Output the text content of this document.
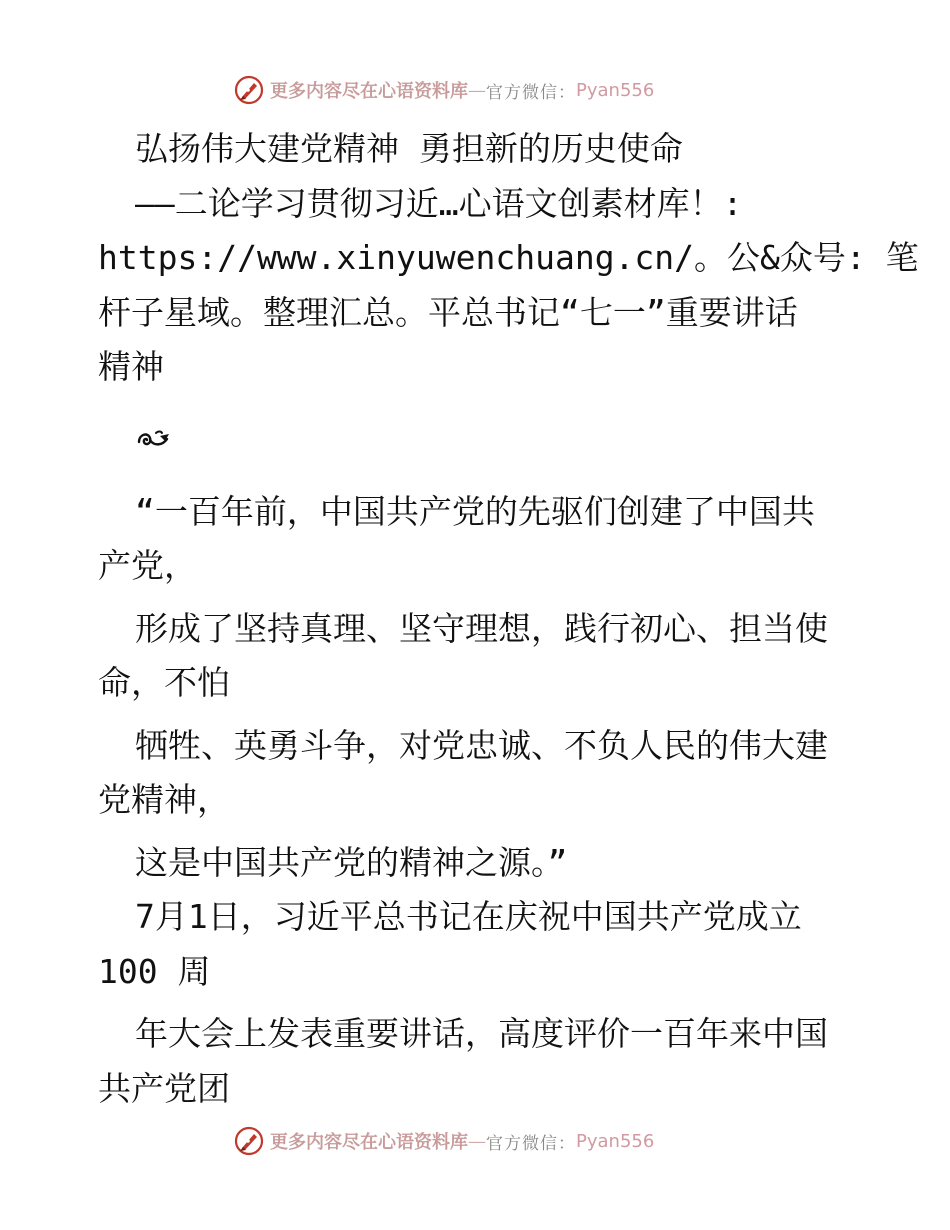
更多内容尽在心语资料库 — 官方微信： Pyan556
弘扬伟大建党精神 勇担新的历史使命
——二论学习贯彻习近…心语文创素材库！:
https://www.xinyuwenchuang.cn/。公&众号: 笔
杆子星域。整理汇总。平总书记“七一”重要讲话
精神
“一百年前，中国共产党的先驱们创建了中国共
产党，
形成了坚持真理、坚守理想，践行初心、担当使
命，不怕
牺牲、英勇斗争，对党忠诚、不负人民的伟大建
党精神，
这是中国共产党的精神之源。”
7月1日，习近平总书记在庆祝中国共产党成立
100 周
年大会上发表重要讲话，高度评价一百年来中国
共产党团
更多内容尽在心语资料库 — 官方微信： Pyan556
